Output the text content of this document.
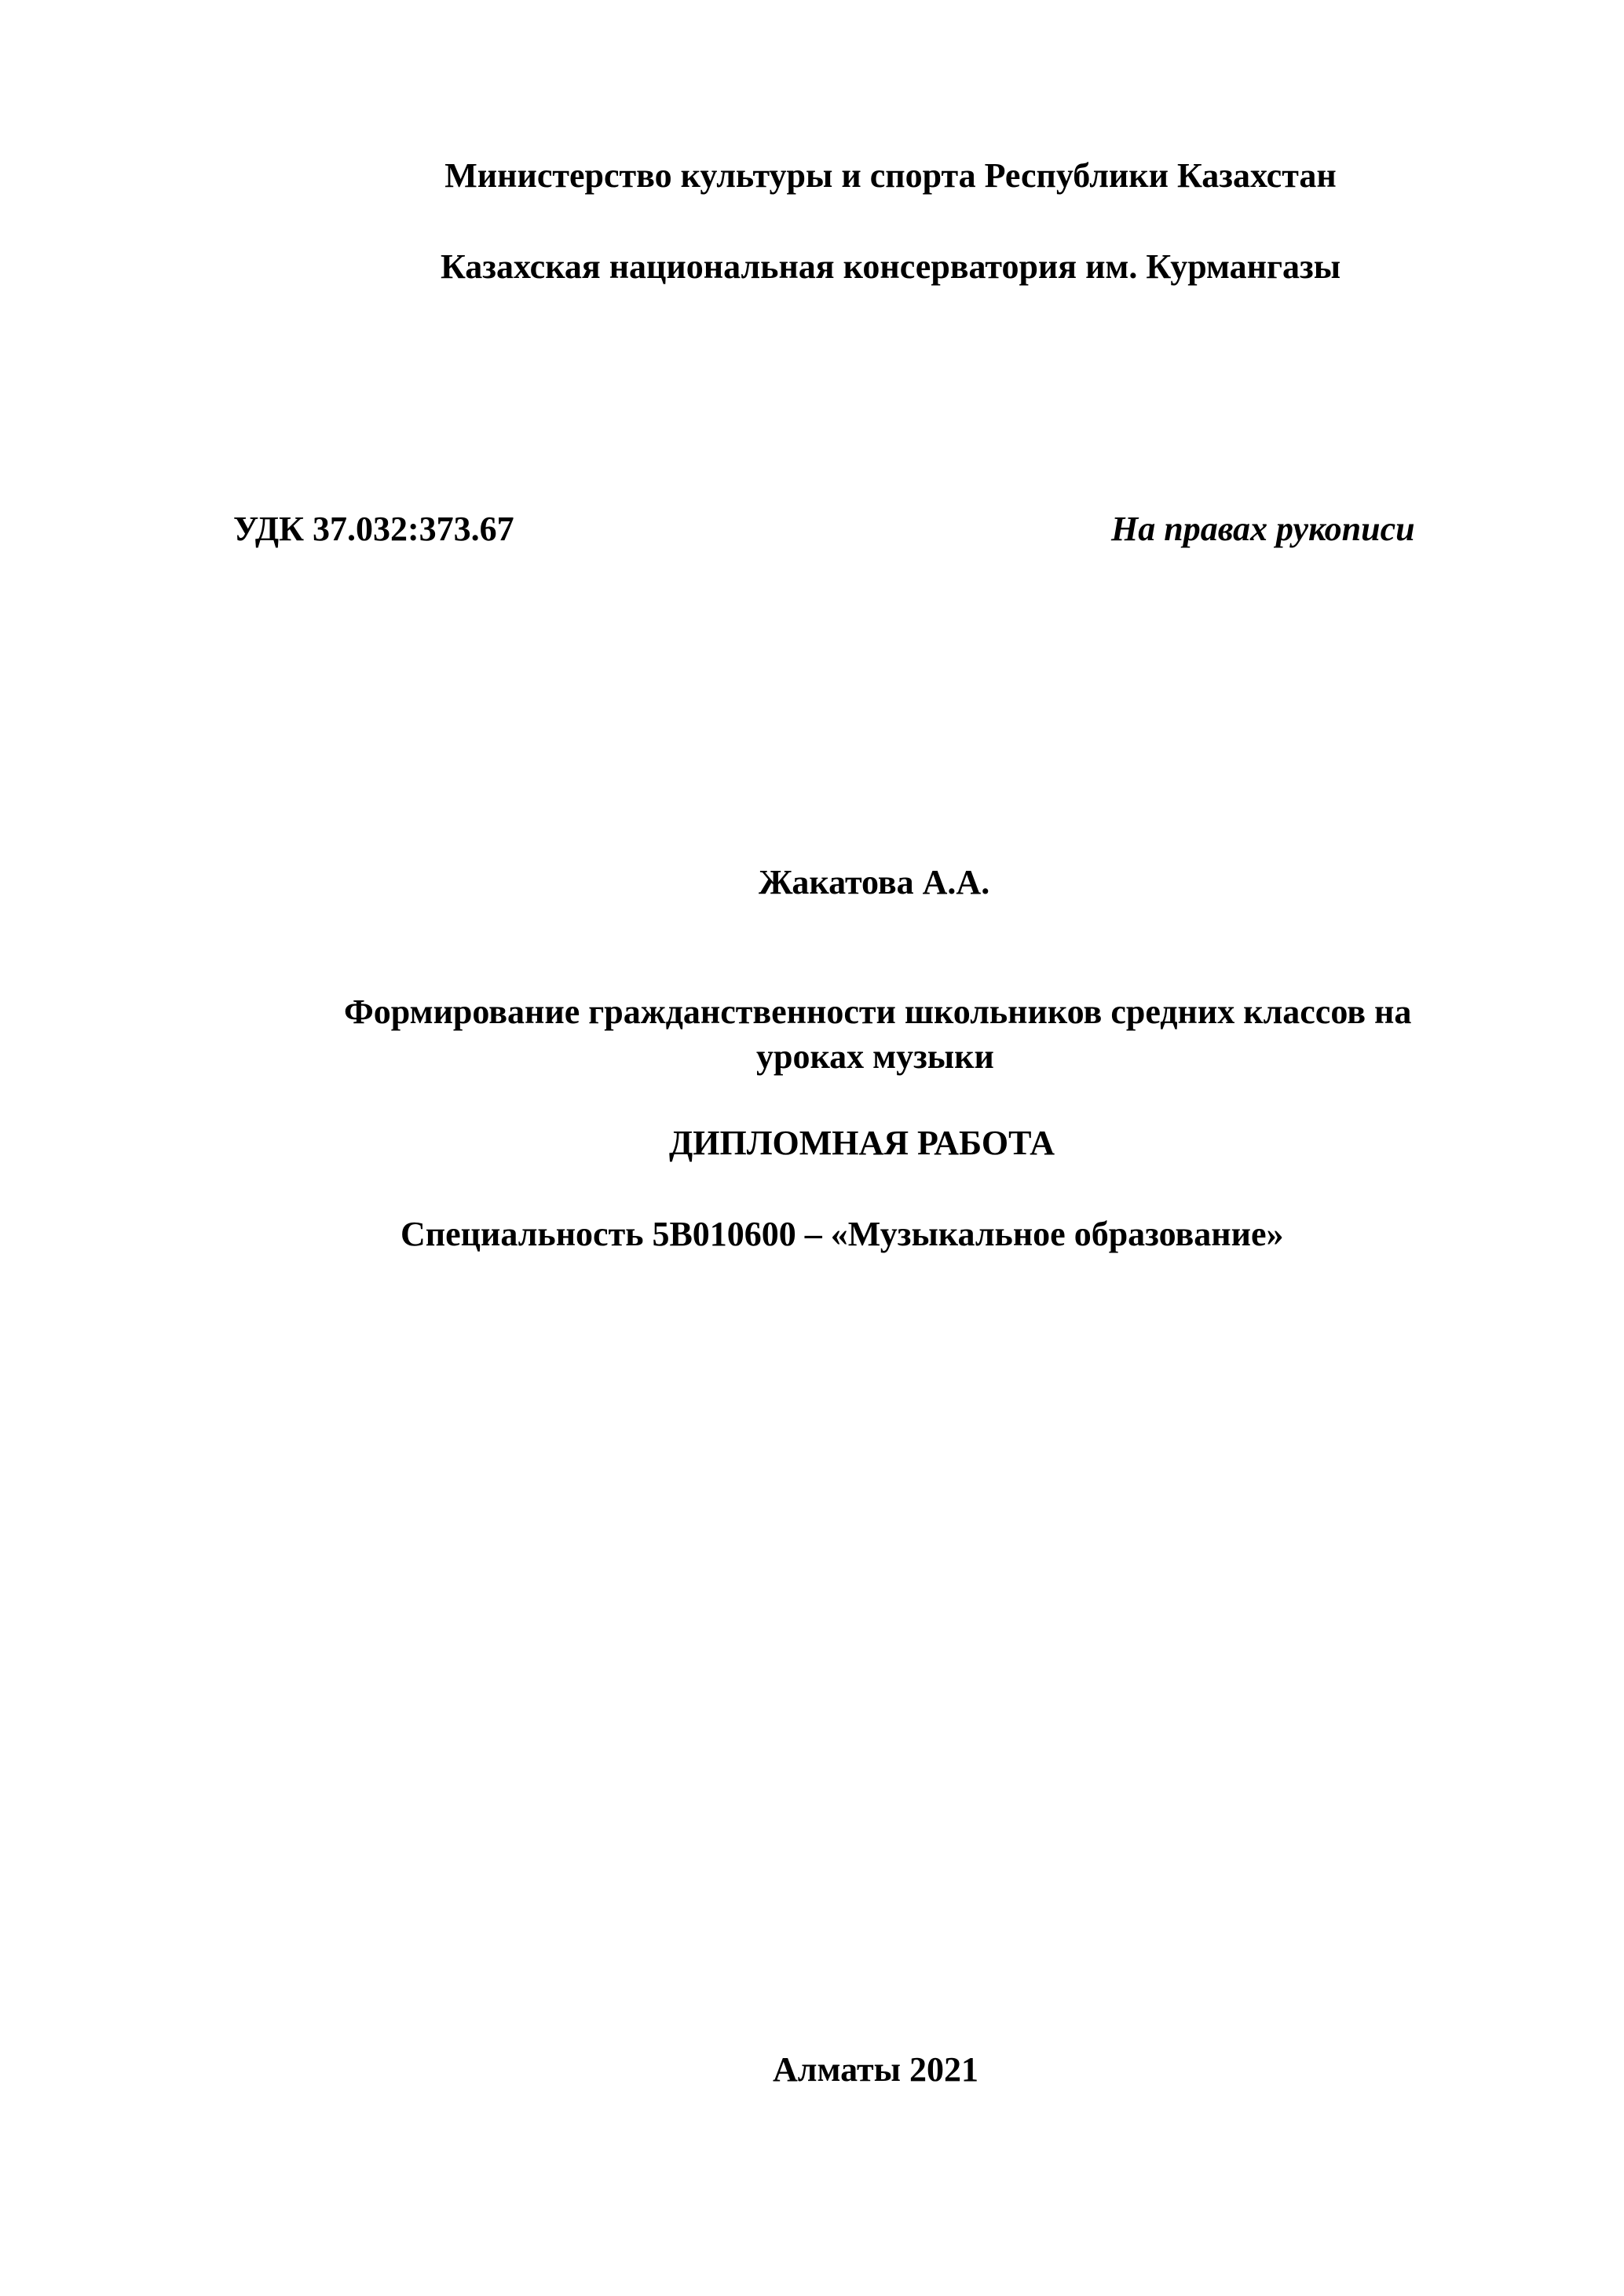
Министерство культуры и спорта Республики Казахстан

Казахская национальная консерватория им. Курмангазы

УДК 37.032:373.67	На правах рукописи

Жакатова А.А.

Формирование гражданственности школьников средних классов на

уроках музыки

ДИПЛОМНАЯ РАБОТА

Специальность 5В010600 – «Музыкальное образование»

Алматы 2021
